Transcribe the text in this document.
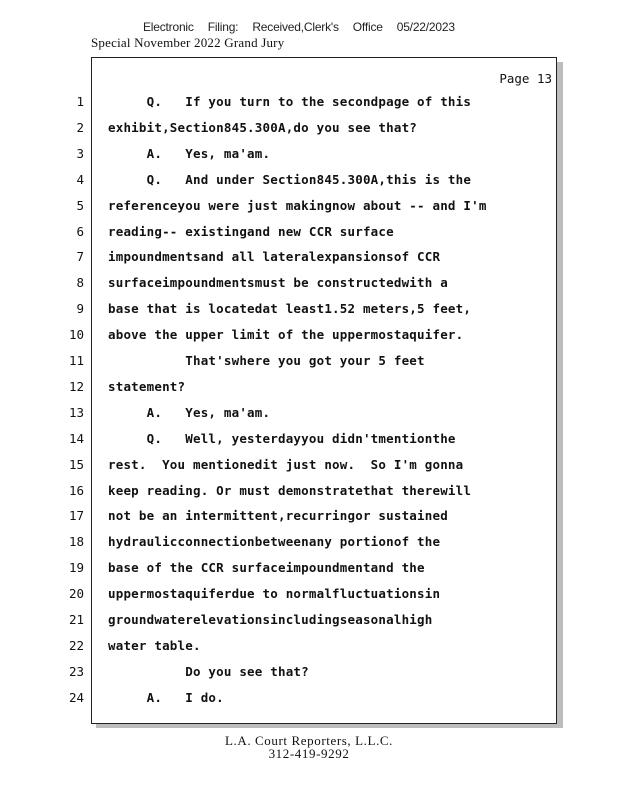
Electronic Filing: Received,Clerk's Office 05/22/2023
Special November 2022 Grand Jury
Page 13
1 Q.   If you turn to the secondpage of this
2 exhibit,Section845.300A,do you see that?
3 A.   Yes, ma'am.
4 Q.   And under Section845.300A,this is the
5 referenceyou were just makingnow about -- and I'm
6 reading-- existingand new CCR surface
7 impoundmentsand all lateralexpansionsof CCR
8 surfaceimpoundmentsmust be constructedwith a
9 base that is locatedat least1.52 meters,5 feet,
10 above the upper limit of the uppermostaquifer.
11 That'swhere you got your 5 feet
12 statement?
13 A.   Yes, ma'am.
14 Q.   Well, yesterdayyou didn'tmentionthe
15 rest.  You mentionedit just now.  So I'm gonna
16 keep reading. Or must demonstratethat therewill
17 not be an intermittent,recurringor sustained
18 hydraulicconnectionbetweenany portionof the
19 base of the CCR surfaceimpoundmentand the
20 uppermostaquiferdue to normalfluctuationsin
21 groundwaterelevationsincludingseasonalhigh
22 water table.
23 Do you see that?
24 A.   I do.
L.A. Court Reporters, L.L.C.
312-419-9292
